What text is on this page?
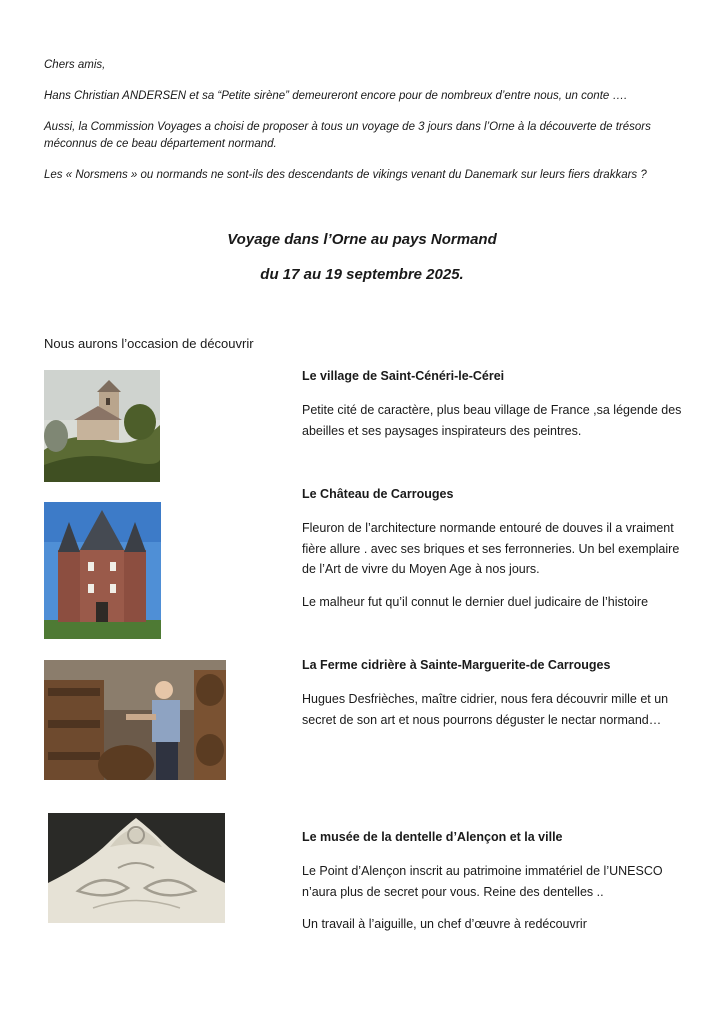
Chers amis,
Hans Christian ANDERSEN et sa “Petite sirène” demeureront encore pour de nombreux d’entre nous, un conte ….
Aussi, la Commission Voyages a choisi de proposer à tous un voyage de 3 jours dans l’Orne à la découverte de trésors méconnus de ce beau département normand.
Les « Norsmens » ou normands ne sont-ils des descendants de vikings venant du Danemark sur leurs fiers drakkars ?
Voyage dans l’Orne au pays Normand
du 17 au 19 septembre 2025.
Nous aurons l’occasion de découvrir
Le village de Saint-Cénéri-le-Cérei
Petite cité de caractère, plus beau village de France ,sa légende des abeilles et ses paysages inspirateurs des peintres.
Le Château de Carrouges
Fleuron de l’architecture normande entouré de douves il a vraiment fière allure . avec ses briques et ses ferronneries. Un bel exemplaire de l’Art de vivre du Moyen Age à nos jours.
Le malheur fut qu’il connut le dernier duel judicaire de l’histoire
La Ferme cidrière à Sainte-Marguerite-de Carrouges
Hugues Desfrièches, maître cidrier, nous fera découvrir mille et un secret de son art et nous pourrons déguster le nectar normand…
Le musée de la dentelle d’Alençon et la ville
Le Point d’Alençon inscrit au patrimoine immatériel de l’UNESCO n’aura plus de secret pour vous. Reine des dentelles ..
Un travail à l’aiguille, un chef d’œuvre à redécouvrir
